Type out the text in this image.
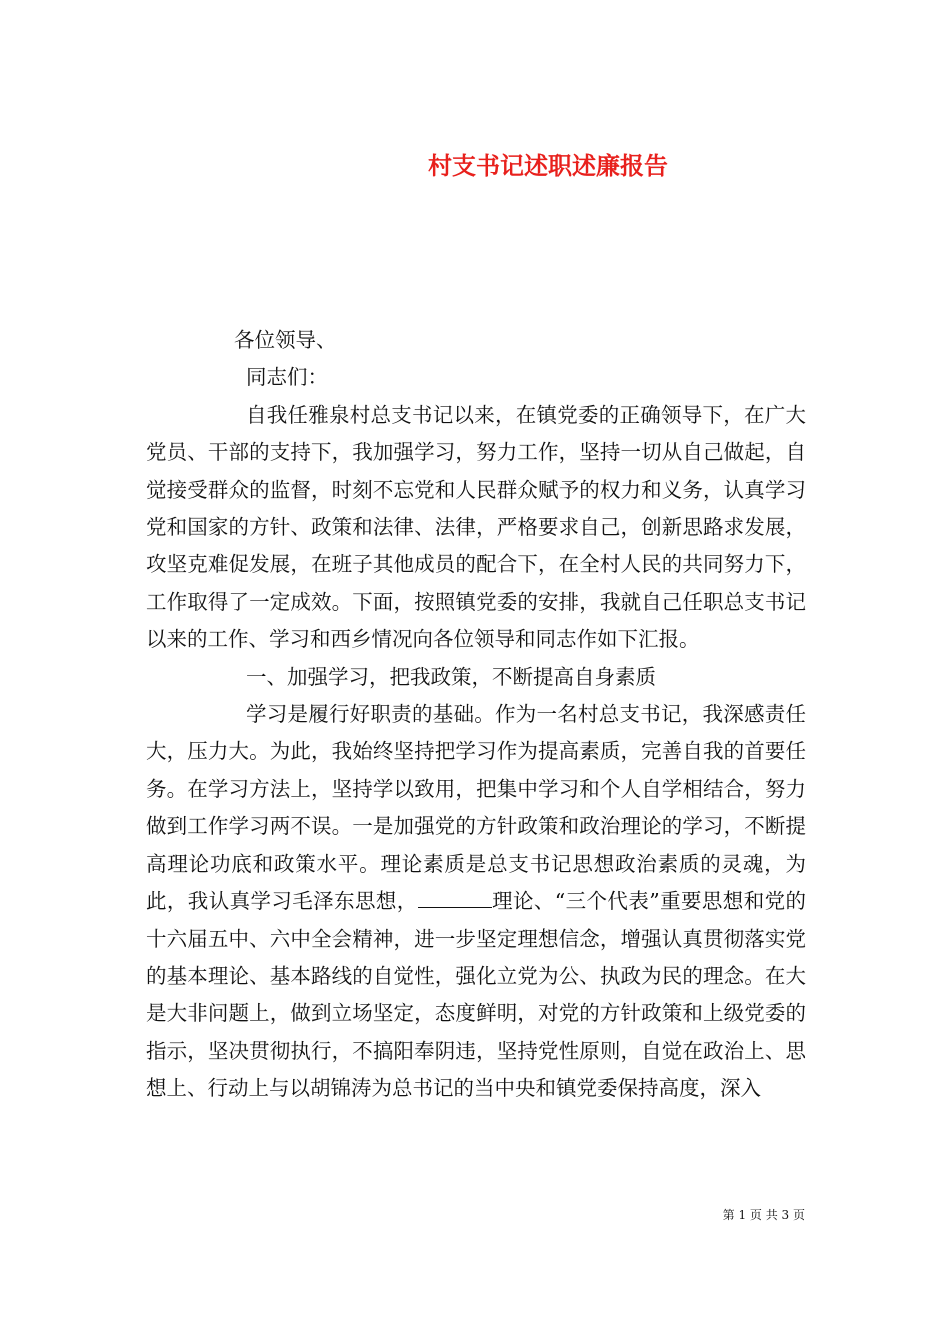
村支书记述职述廉报告

各位领导、

同志们：

自我任雅泉村总支书记以来，在镇党委的正确领导下，在广大党员、干部的支持下，我加强学习，努力工作，坚持一切从自己做起，自觉接受群众的监督，时刻不忘党和人民群众赋予的权力和义务，认真学习党和国家的方针、政策和法律、法律，严格要求自己，创新思路求发展，攻坚克难促发展，在班子其他成员的配合下，在全村人民的共同努力下，工作取得了一定成效。下面，按照镇党委的安排，我就自己任职总支书记以来的工作、学习和西乡情况向各位领导和同志作如下汇报。

一、加强学习，把我政策，不断提高自身素质

学习是履行好职责的基础。作为一名村总支书记，我深感责任大，压力大。为此，我始终坚持把学习作为提高素质，完善自我的首要任务。在学习方法上，坚持学以致用，把集中学习和个人自学相结合，努力做到工作学习两不误。一是加强党的方针政策和政治理论的学习，不断提高理论功底和政策水平。理论素质是总支书记思想政治素质的灵魂，为此，我认真学习毛泽东思想，	理论、“三个代表”重要思想和党的十六届五中、六中全会精神，进一步坚定理想信念，增强认真贯彻落实党的基本理论、基本路线的自觉性，强化立党为公、执政为民的理念。在大是大非问题上，做到立场坚定，态度鲜明，对党的方针政策和上级党委的指示，坚决贯彻执行，不搞阳奉阴违，坚持党性原则，自觉在政治上、思想上、行动上与以胡锦涛为总书记的当中央和镇党委保持高度，深入

第 1 页 共 3 页
